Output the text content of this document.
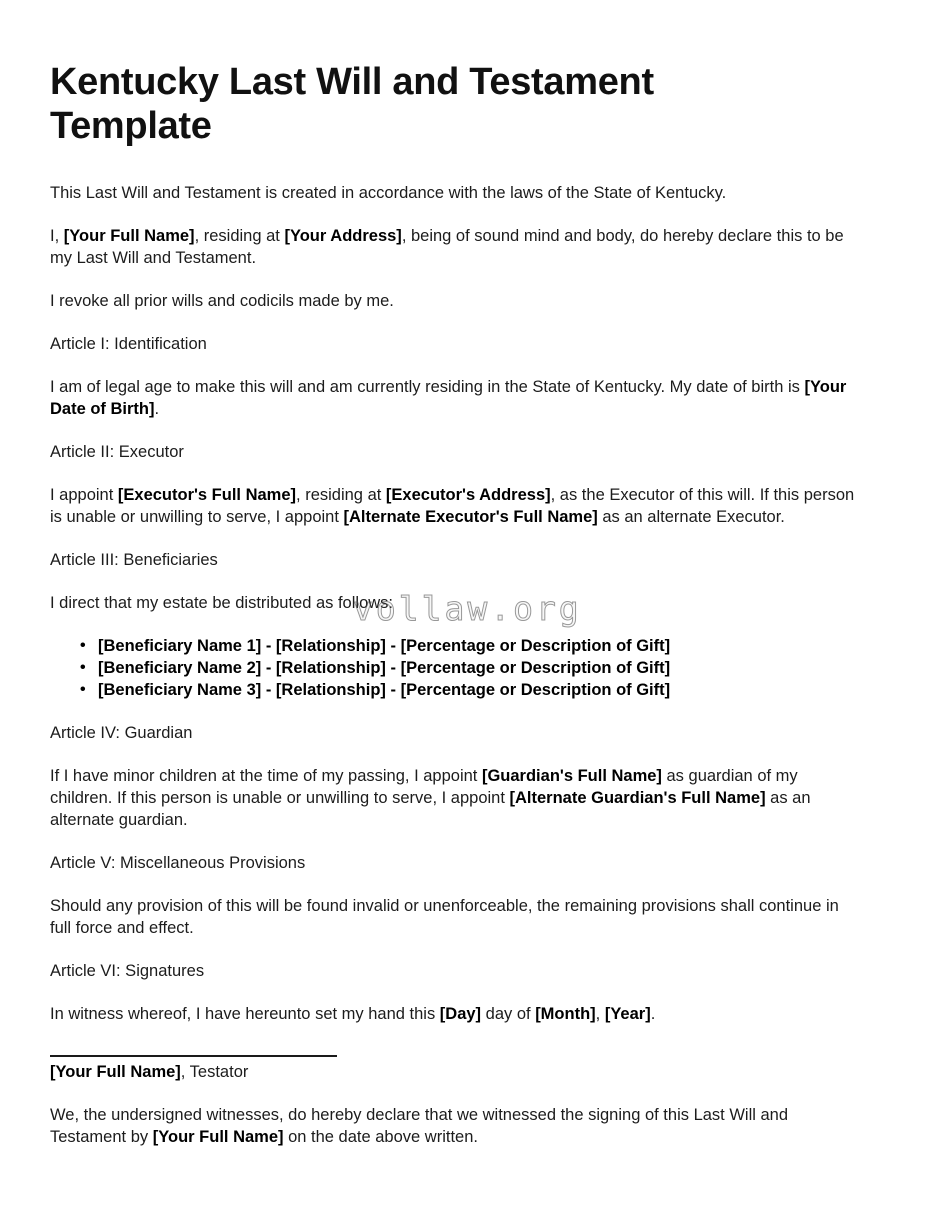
Kentucky Last Will and Testament Template

This Last Will and Testament is created in accordance with the laws of the State of Kentucky.

I, [Your Full Name], residing at [Your Address], being of sound mind and body, do hereby declare this to be my Last Will and Testament.

I revoke all prior wills and codicils made by me.

Article I: Identification

I am of legal age to make this will and am currently residing in the State of Kentucky. My date of birth is [Your Date of Birth].

Article II: Executor

I appoint [Executor's Full Name], residing at [Executor's Address], as the Executor of this will. If this person is unable or unwilling to serve, I appoint [Alternate Executor's Full Name] as an alternate Executor.

Article III: Beneficiaries

I direct that my estate be distributed as follows:

• [Beneficiary Name 1] - [Relationship] - [Percentage or Description of Gift]
• [Beneficiary Name 2] - [Relationship] - [Percentage or Description of Gift]
• [Beneficiary Name 3] - [Relationship] - [Percentage or Description of Gift]

Article IV: Guardian

If I have minor children at the time of my passing, I appoint [Guardian's Full Name] as guardian of my children. If this person is unable or unwilling to serve, I appoint [Alternate Guardian's Full Name] as an alternate guardian.

Article V: Miscellaneous Provisions

Should any provision of this will be found invalid or unenforceable, the remaining provisions shall continue in full force and effect.

Article VI: Signatures

In witness whereof, I have hereunto set my hand this [Day] day of [Month], [Year].

[Your Full Name], Testator

We, the undersigned witnesses, do hereby declare that we witnessed the signing of this Last Will and Testament by [Your Full Name] on the date above written.

vollaw.org
